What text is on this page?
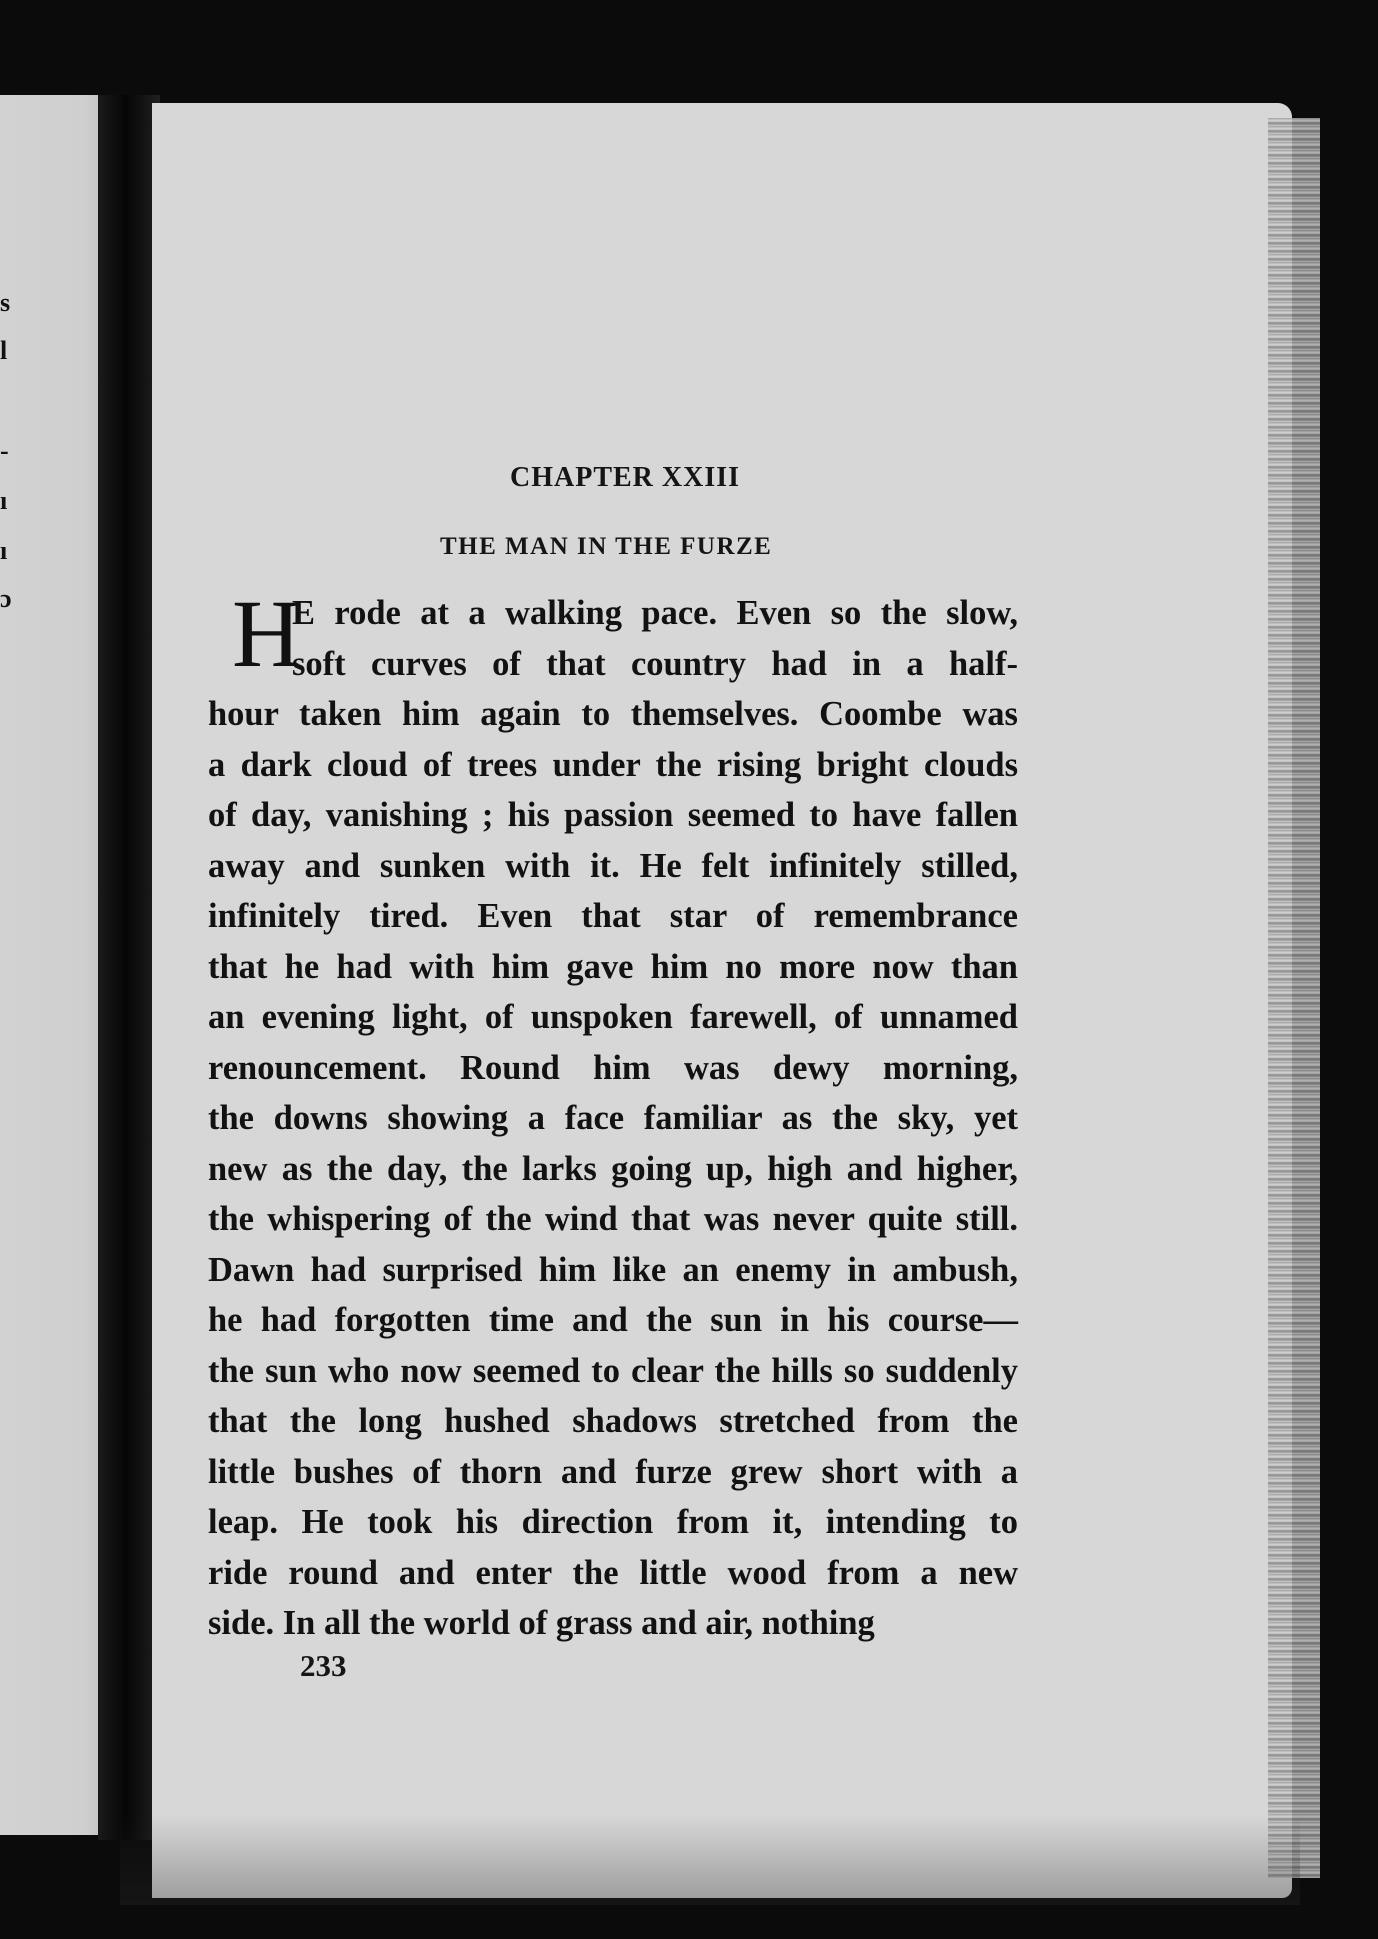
s
l
-
ı
ı
ɔ
CHAPTER XXIII
THE MAN IN THE FURZE
H
E rode at a walking pace. Even so the slow,
soft curves of that country had in a half-
hour taken him again to themselves. Coombe was
a dark cloud of trees under the rising bright clouds
of day, vanishing ; his passion seemed to have fallen
away and sunken with it. He felt infinitely stilled,
infinitely tired. Even that star of remembrance
that he had with him gave him no more now than
an evening light, of unspoken farewell, of unnamed
renouncement. Round him was dewy morning,
the downs showing a face familiar as the sky, yet
new as the day, the larks going up, high and higher,
the whispering of the wind that was never quite still.
Dawn had surprised him like an enemy in ambush,
he had forgotten time and the sun in his course—
the sun who now seemed to clear the hills so suddenly
that the long hushed shadows stretched from the
little bushes of thorn and furze grew short with a
leap. He took his direction from it, intending to
ride round and enter the little wood from a new
side. In all the world of grass and air, nothing
233
